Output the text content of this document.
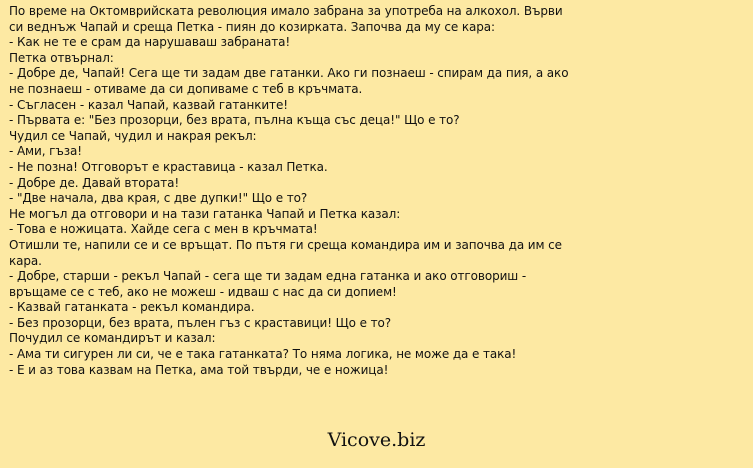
По време на Октомврийската революция имало забрана за употреба на алкохол. Върви си веднъж Чапай и среща Петка - пиян до козирката. Започва да му се кара:

- Как не те е срам да нарушаваш забраната!

Петка отвърнал:

- Добре де, Чапай! Сега ще ти задам две гатанки. Ако ги познаеш - спирам да пия, а ако не познаеш - отиваме да си допиваме с теб в кръчмата.

- Съгласен - казал Чапай, казвай гатанките!

- Първата е: "Без прозорци, без врата, пълна къща със деца!" Що е то?

Чудил се Чапай, чудил и накрая рекъл:

- Ами, гъза!

- Не позна! Отговорът е краставица - казал Петка.

- Добре де. Давай втората!

- "Две начала, два края, с две дупки!" Що е то?

Не могъл да отговори и на тази гатанка Чапай и Петка казал:

- Това е ножицата. Хайде сега с мен в кръчмата!

Отишли те, напили се и се връщат. По пътя ги среща командира им и започва да им се кара.

- Добре, старши - рекъл Чапай - сега ще ти задам една гатанка и ако отговориш - връщаме се с теб, ако не можеш - идваш с нас да си допием!

- Казвай гатанката - рекъл командира.

- Без прозорци, без врата, пълен гъз с краставици! Що е то?

Почудил се командирът и казал:

- Ама ти сигурен ли си, че е така гатанката? То няма логика, не може да е така!

- Е и аз това казвам на Петка, ама той твърди, че е ножица!

Vicove.biz
